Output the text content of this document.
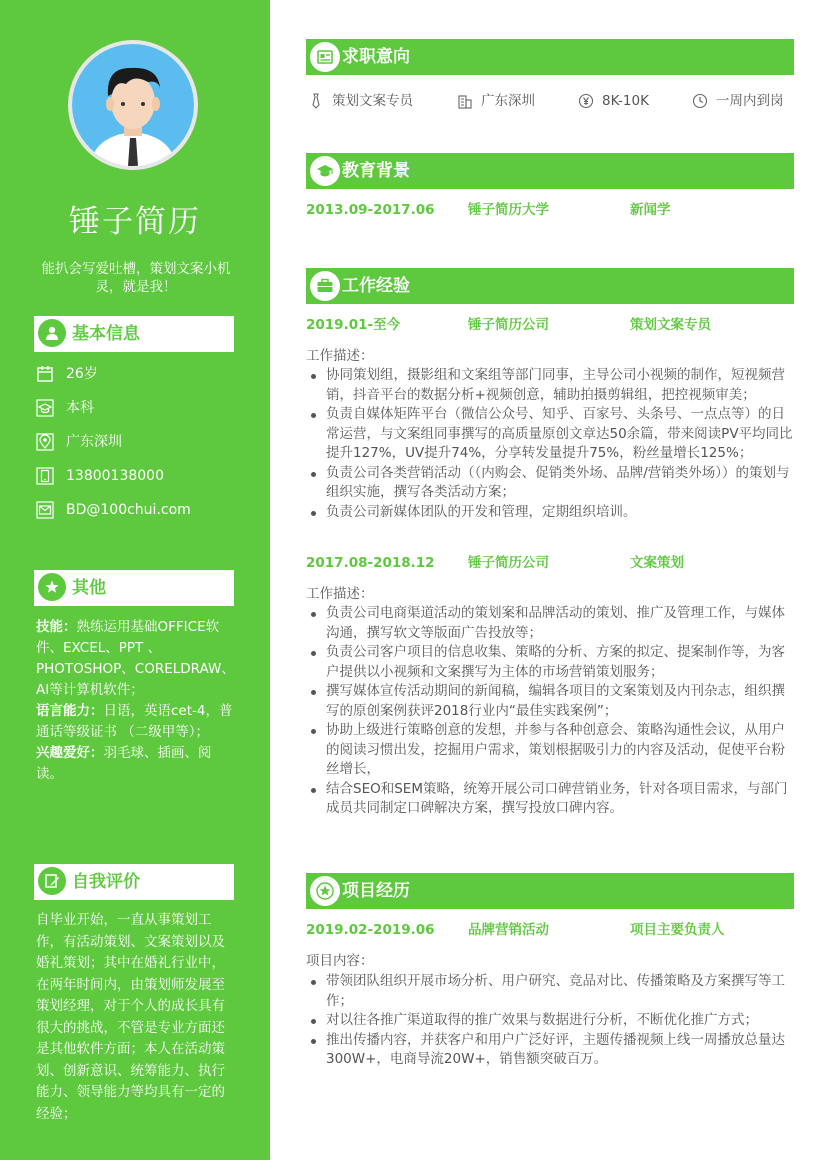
锤子简历
能扒会写爱吐槽，策划文案小机灵，就是我！
基本信息
26岁
本科
广东深圳
13800138000
BD@100chui.com
其他

技能：熟练运用基础OFFICE软件、EXCEL、PPT 、PHOTOSHOP、CORELDRAW、AI等计算机软件；

语言能力：日语，英语cet-4，普通话等级证书 （二级甲等）；

兴趣爱好：羽毛球、插画、阅读。

自我评价
自毕业开始，一直从事策划工作，有活动策划、文案策划以及婚礼策划；其中在婚礼行业中，在两年时间内，由策划师发展至策划经理，对于个人的成长具有很大的挑战，不管是专业方面还是其他软件方面；本人在活动策划、创新意识、统筹能力、执行能力、领导能力等均具有一定的经验；
求职意向
策划文案专员	广东深圳	8K-10K	一周内到岗
教育背景
2013.09-2017.06 锤子简历大学	新闻学
工作经验
2019.01-至今	锤子简历公司	策划文案专员
工作描述：
协同策划组，摄影组和文案组等部门同事，主导公司小视频的制作，短视频营销，抖音平台的数据分析+视频创意，辅助拍摄剪辑组，把控视频审美；
负责自媒体矩阵平台（微信公众号、知乎、百家号、头条号、一点点等）的日常运营，与文案组同事撰写的高质量原创文章达50余篇，带来阅读PV平均同比提升127%，UV提升74%，分享转发量提升75%，粉丝量增长125%；
负责公司各类营销活动（（内购会、促销类外场、品牌/营销类外场））的策划与组织实施，撰写各类活动方案；
负责公司新媒体团队的开发和管理，定期组织培训。
2017.08-2018.12 锤子简历公司	文案策划
工作描述：
负责公司电商渠道活动的策划案和品牌活动的策划、推广及管理工作，与媒体沟通，撰写软文等版面广告投放等；
负责公司客户项目的信息收集、策略的分析、方案的拟定、提案制作等，为客户提供以小视频和文案撰写为主体的市场营销策划服务；
撰写媒体宣传活动期间的新闻稿，编辑各项目的文案策划及内刊杂志，组织撰写的原创案例获评2018行业内“最佳实践案例”；
协助上级进行策略创意的发想，并参与各种创意会、策略沟通性会议，从用户的阅读习惯出发，挖掘用户需求，策划根据吸引力的内容及活动，促使平台粉丝增长，
结合SEO和SEM策略，统筹开展公司口碑营销业务，针对各项目需求，与部门成员共同制定口碑解决方案，撰写投放口碑内容。
项目经历
2019.02-2019.06 品牌营销活动	项目主要负责人
项目内容：
带领团队组织开展市场分析、用户研究、竞品对比、传播策略及方案撰写等工作；
对以往各推广渠道取得的推广效果与数据进行分析，不断优化推广方式；
推出传播内容，并获客户和用户广泛好评，主题传播视频上线一周播放总量达300W+，电商导流20W+，销售额突破百万。
